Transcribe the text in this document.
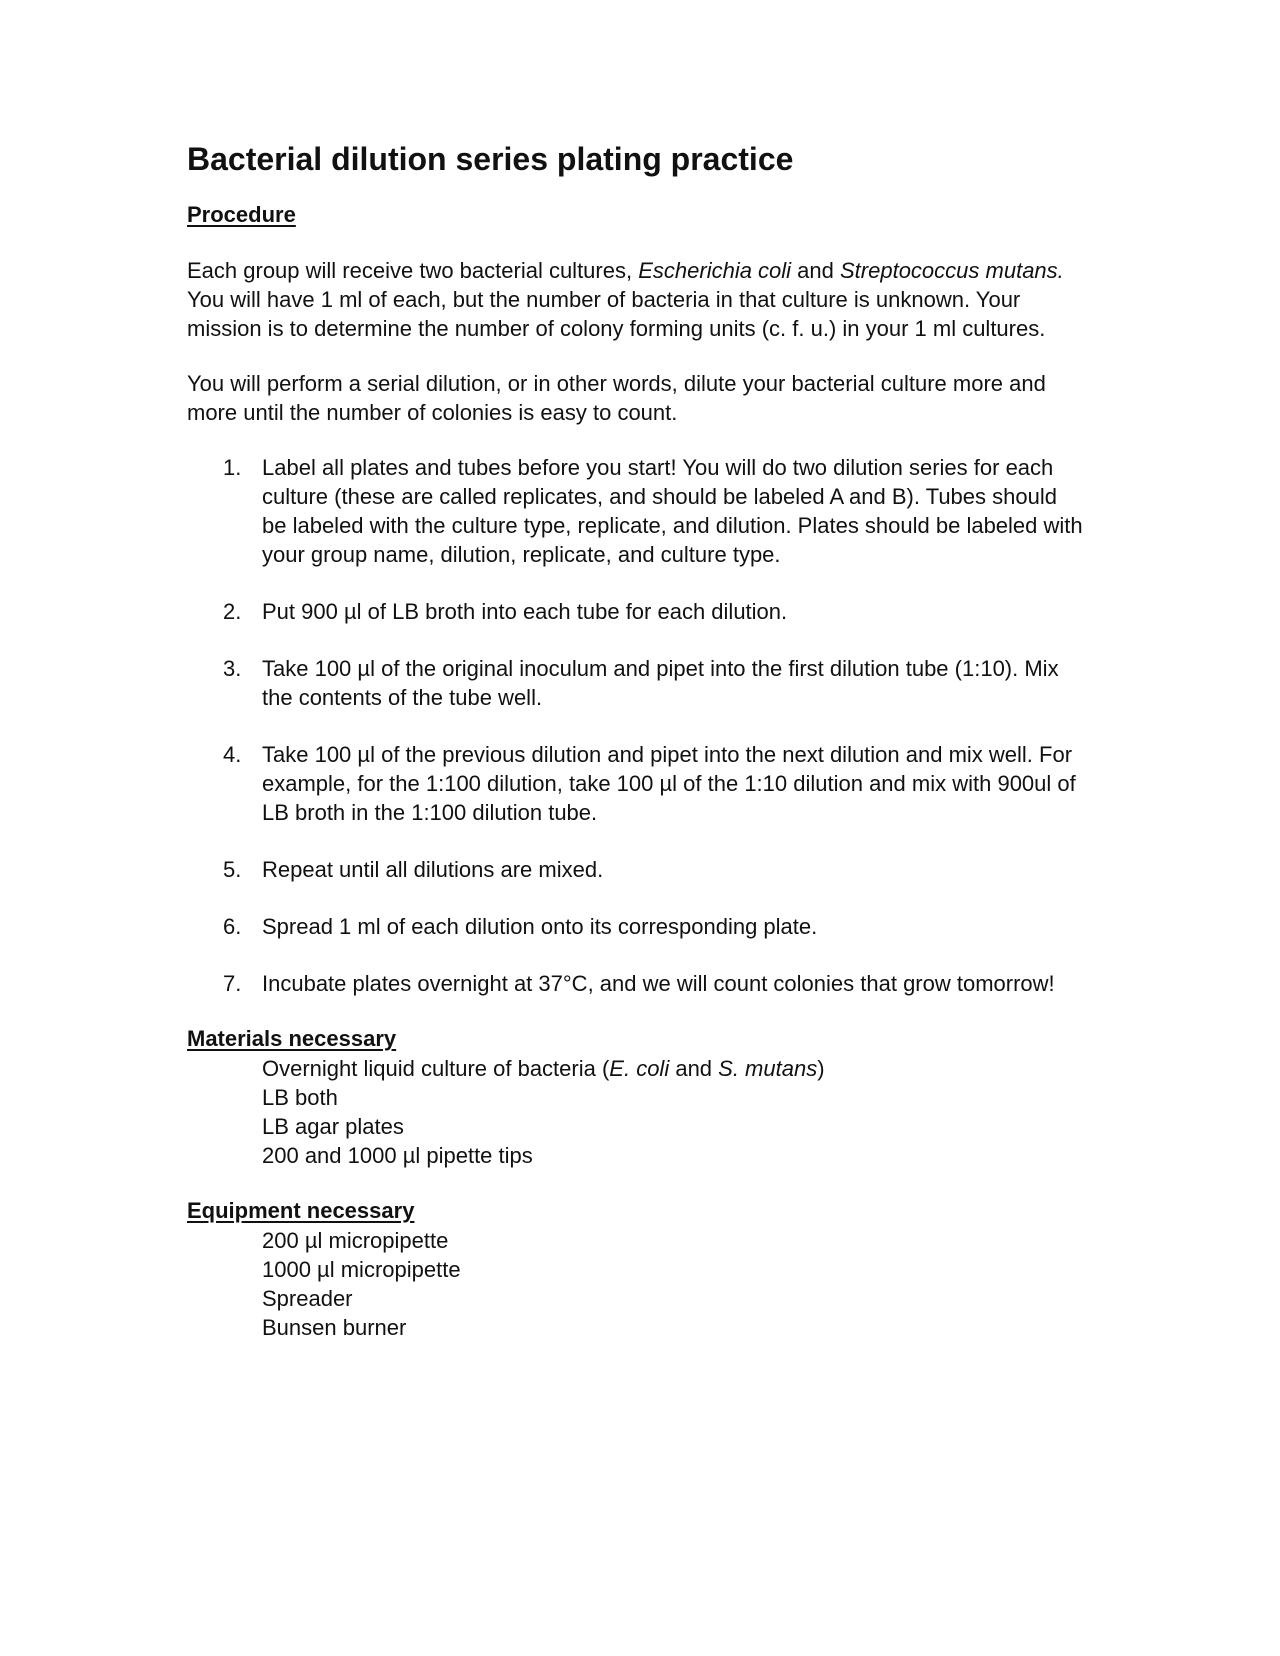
Bacterial dilution series plating practice
Procedure

Each group will receive two bacterial cultures, Escherichia coli and Streptococcus mutans. You will have 1 ml of each, but the number of bacteria in that culture is unknown. Your mission is to determine the number of colony forming units (c. f. u.) in your 1 ml cultures.

You will perform a serial dilution, or in other words, dilute your bacterial culture more and more until the number of colonies is easy to count.

1. Label all plates and tubes before you start! You will do two dilution series for each culture (these are called replicates, and should be labeled A and B). Tubes should be labeled with the culture type, replicate, and dilution. Plates should be labeled with your group name, dilution, replicate, and culture type.
2. Put 900 µl of LB broth into each tube for each dilution.
3. Take 100 µl of the original inoculum and pipet into the first dilution tube (1:10). Mix the contents of the tube well.
4. Take 100 µl of the previous dilution and pipet into the next dilution and mix well. For example, for the 1:100 dilution, take 100 µl of the 1:10 dilution and mix with 900ul of LB broth in the 1:100 dilution tube.
5. Repeat until all dilutions are mixed.
6. Spread 1 ml of each dilution onto its corresponding plate.
7. Incubate plates overnight at 37°C, and we will count colonies that grow tomorrow!
Materials necessary
Overnight liquid culture of bacteria (E. coli and S. mutans)
LB both
LB agar plates
200 and 1000 µl pipette tips
Equipment necessary
200 µl micropipette
1000 µl micropipette
Spreader
Bunsen burner
